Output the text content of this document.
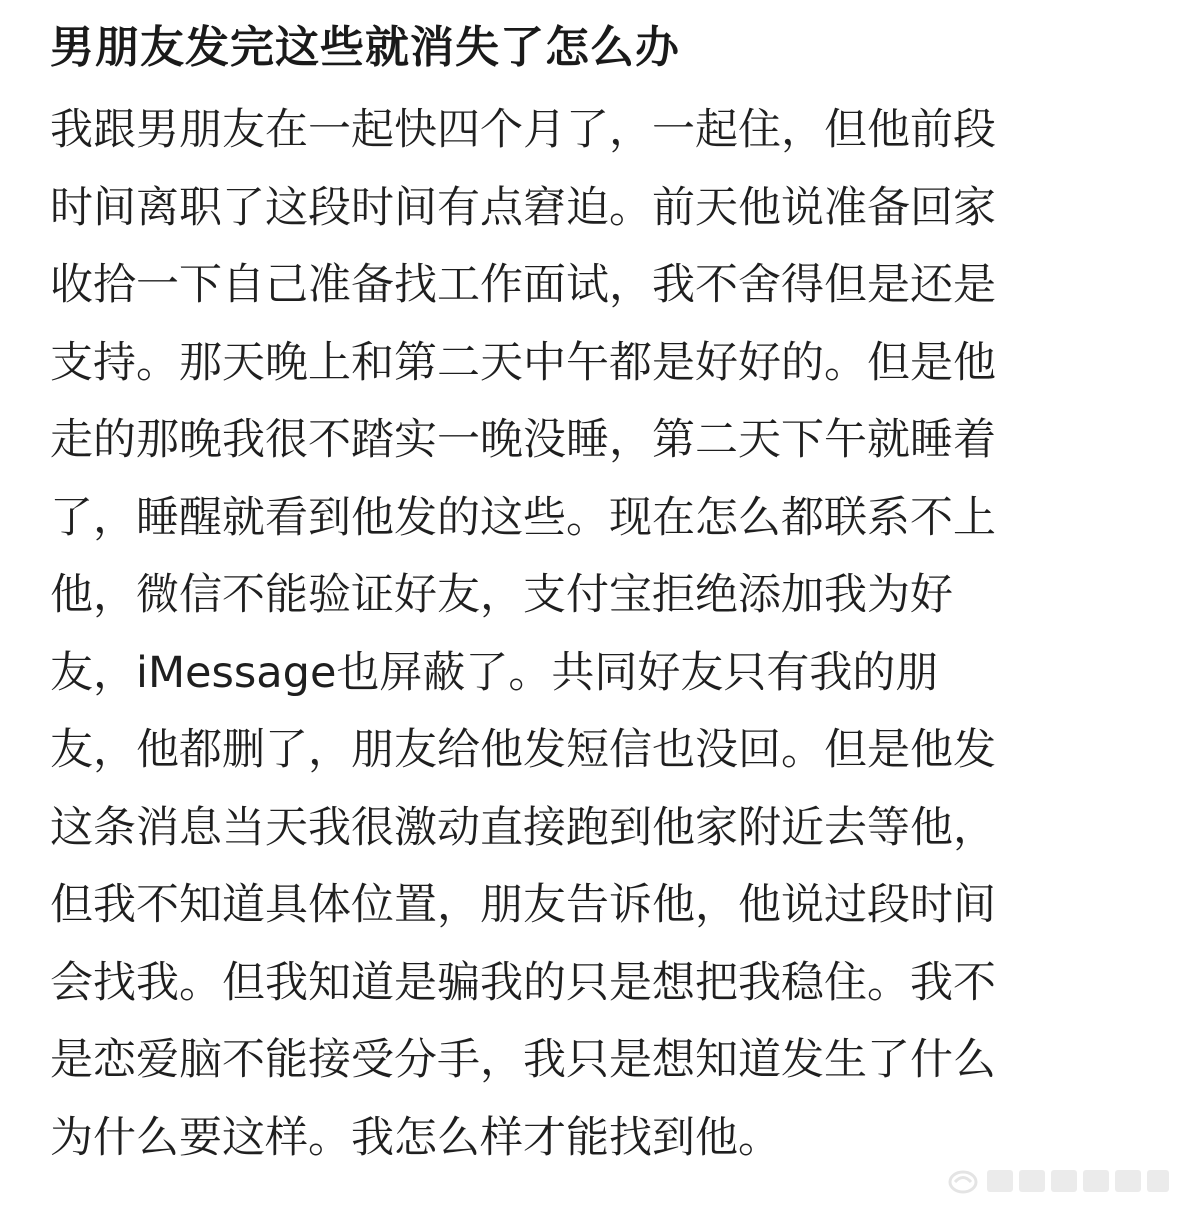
男朋友发完这些就消失了怎么办
我跟男朋友在一起快四个月了，一起住，但他前段
时间离职了这段时间有点窘迫。前天他说准备回家
收拾一下自己准备找工作面试，我不舍得但是还是
支持。那天晚上和第二天中午都是好好的。但是他
走的那晚我很不踏实一晚没睡，第二天下午就睡着
了，睡醒就看到他发的这些。现在怎么都联系不上
他，微信不能验证好友，支付宝拒绝添加我为好
友，iMessage也屏蔽了。共同好友只有我的朋
友，他都删了，朋友给他发短信也没回。但是他发
这条消息当天我很激动直接跑到他家附近去等他，
但我不知道具体位置，朋友告诉他，他说过段时间
会找我。但我知道是骗我的只是想把我稳住。我不
是恋爱脑不能接受分手，我只是想知道发生了什么
为什么要这样。我怎么样才能找到他。
